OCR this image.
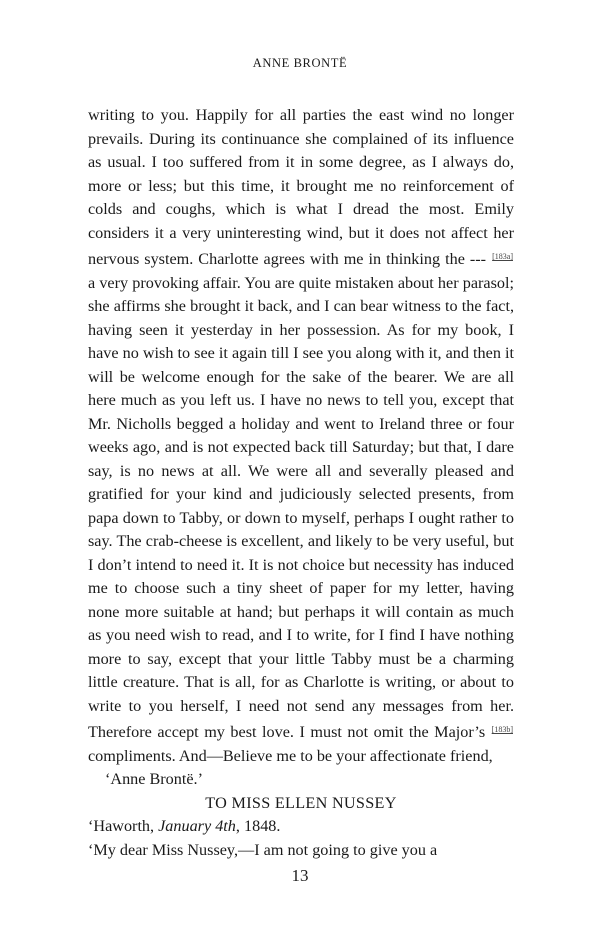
ANNE BRONTË

writing to you. Happily for all parties the east wind no longer prevails. During its continuance she complained of its influence as usual. I too suffered from it in some degree, as I always do, more or less; but this time, it brought me no reinforcement of colds and coughs, which is what I dread the most. Emily considers it a very uninteresting wind, but it does not affect her nervous system. Charlotte agrees with me in thinking the --- [183a] a very provoking affair. You are quite mistaken about her parasol; she affirms she brought it back, and I can bear witness to the fact, having seen it yesterday in her possession. As for my book, I have no wish to see it again till I see you along with it, and then it will be welcome enough for the sake of the bearer. We are all here much as you left us. I have no news to tell you, except that Mr. Nicholls begged a holiday and went to Ireland three or four weeks ago, and is not expected back till Saturday; but that, I dare say, is no news at all. We were all and severally pleased and gratified for your kind and judiciously selected presents, from papa down to Tabby, or down to myself, perhaps I ought rather to say. The crab-cheese is excellent, and likely to be very useful, but I don’t intend to need it. It is not choice but necessity has induced me to choose such a tiny sheet of paper for my letter, having none more suitable at hand; but perhaps it will contain as much as you need wish to read, and I to write, for I find I have nothing more to say, except that your little Tabby must be a charming little creature. That is all, for as Charlotte is writing, or about to write to you herself, I need not send any messages from her. Therefore accept my best love. I must not omit the Major’s [183b] compliments. And—Believe me to be your affectionate friend,

‘Anne Brontë.’

TO MISS ELLEN NUSSEY

‘Haworth, January 4th, 1848.

‘My dear Miss Nussey,—I am not going to give you a

13
